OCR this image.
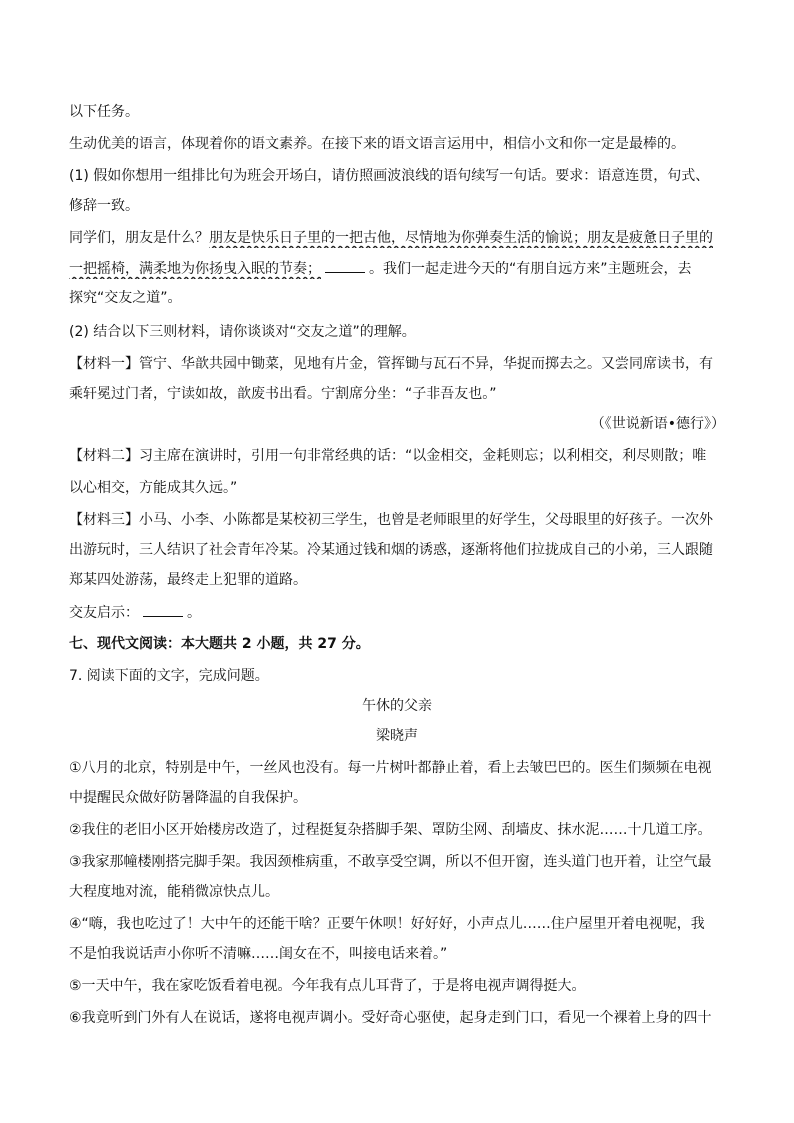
以下任务。
生动优美的语言，体现着你的语文素养。在接下来的语文语言运用中，相信小文和你一定是最棒的。
(1) 假如你想用一组排比句为班会开场白，请仿照画波浪线的语句续写一句话。要求：语意连贯，句式、
修辞一致。
同学们，朋友是什么？朋友是快乐日子里的一把古他，尽情地为你弹奏生活的愉说；朋友是疲惫日子里的
一把摇椅，满柔地为你扬曳入眠的节奏；	。我们一起走进今天的“有朋自远方来”主题班会，去
探究“交友之道”。
(2) 结合以下三则材料，请你谈谈对“交友之道”的理解。
【材料一】管宁、华歆共园中锄菜，见地有片金，管挥锄与瓦石不异，华捉而掷去之。又尝同席读书，有
乘轩冕过门者，宁读如故，歆废书出看。宁割席分坐：“子非吾友也。”
（《世说新语•德行》）
【材料二】习主席在演讲时，引用一句非常经典的话：“以金相交，金耗则忘；以利相交，利尽则散；唯
以心相交，方能成其久远。”
【材料三】小马、小李、小陈都是某校初三学生，也曾是老师眼里的好学生，父母眼里的好孩子。一次外
出游玩时，三人结识了社会青年冷某。冷某通过钱和烟的诱惑，逐渐将他们拉拢成自己的小弟，三人跟随
郑某四处游荡，最终走上犯罪的道路。
交友启示：	。
七、现代文阅读：本大题共 2 小题，共 27 分。
7. 阅读下面的文字，完成问题。
午休的父亲
梁晓声
①八月的北京，特别是中午，一丝风也没有。每一片树叶都静止着，看上去皱巴巴的。医生们频频在电视
中提醒民众做好防暑降温的自我保护。
②我住的老旧小区开始楼房改造了，过程挺复杂搭脚手架、罩防尘网、刮墙皮、抹水泥……十几道工序。
③我家那幢楼刚搭完脚手架。我因颈椎病重，不敢享受空调，所以不但开窗，连头道门也开着，让空气最
大程度地对流，能稍微凉快点儿。
④“嗨，我也吃过了！大中午的还能干啥？正要午休呗！好好好，小声点儿……住户屋里开着电视呢，我
不是怕我说话声小你听不清嘛……闺女在不，叫接电话来着。”
⑤一天中午，我在家吃饭看着电视。今年我有点儿耳背了，于是将电视声调得挺大。
⑥我竟听到门外有人在说话，遂将电视声调小。受好奇心驱使，起身走到门口，看见一个裸着上身的四十
